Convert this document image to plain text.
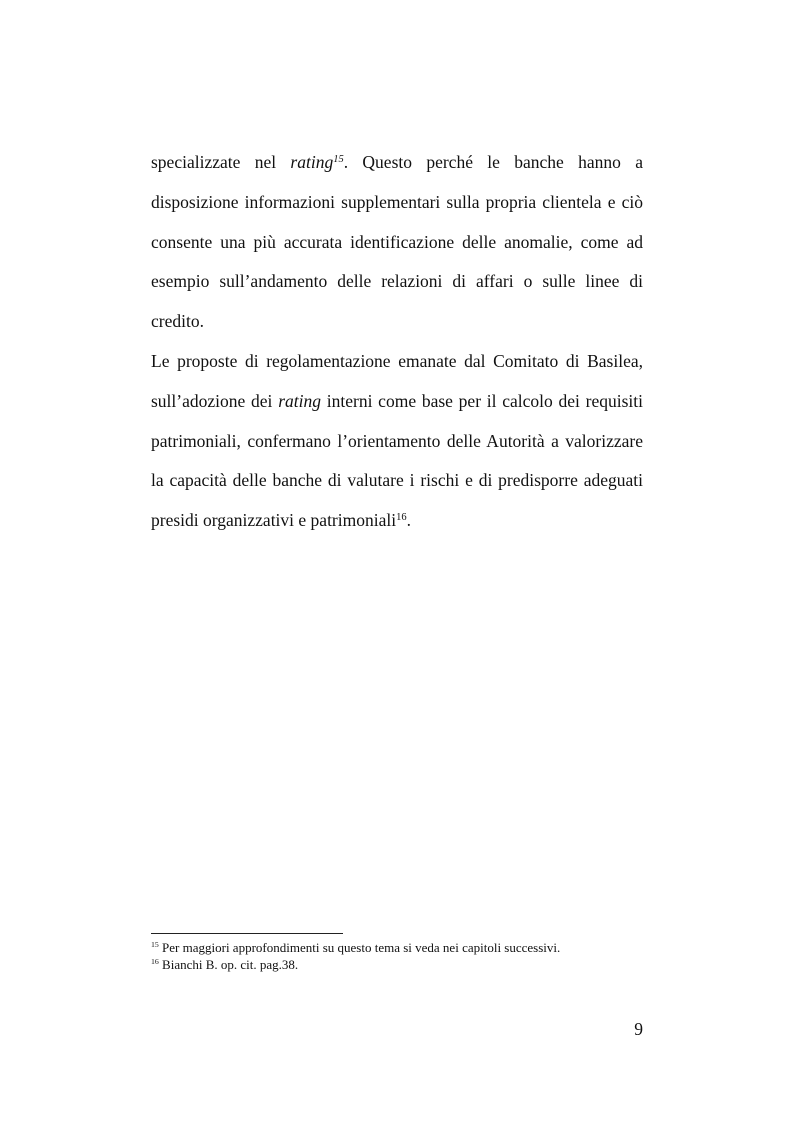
specializzate nel rating$^{15}$. Questo perché le banche hanno a
disposizione informazioni supplementari sulla propria clientela e ciò
consente una più accurata identificazione delle anomalie, come ad
esempio sull’andamento delle relazioni di affari o sulle linee di
credito.
Le proposte di regolamentazione emanate dal Comitato di Basilea,
sull’adozione dei rating interni come base per il calcolo dei requisiti
patrimoniali, confermano l’orientamento delle Autorità a valorizzare
la capacità delle banche di valutare i rischi e di predisporre adeguati
presidi organizzativi e patrimoniali$^{16}$.
$^{15}$ Per maggiori approfondimenti su questo tema si veda nei capitoli successivi.
$^{16}$ Bianchi B. op. cit. pag.38.
9
